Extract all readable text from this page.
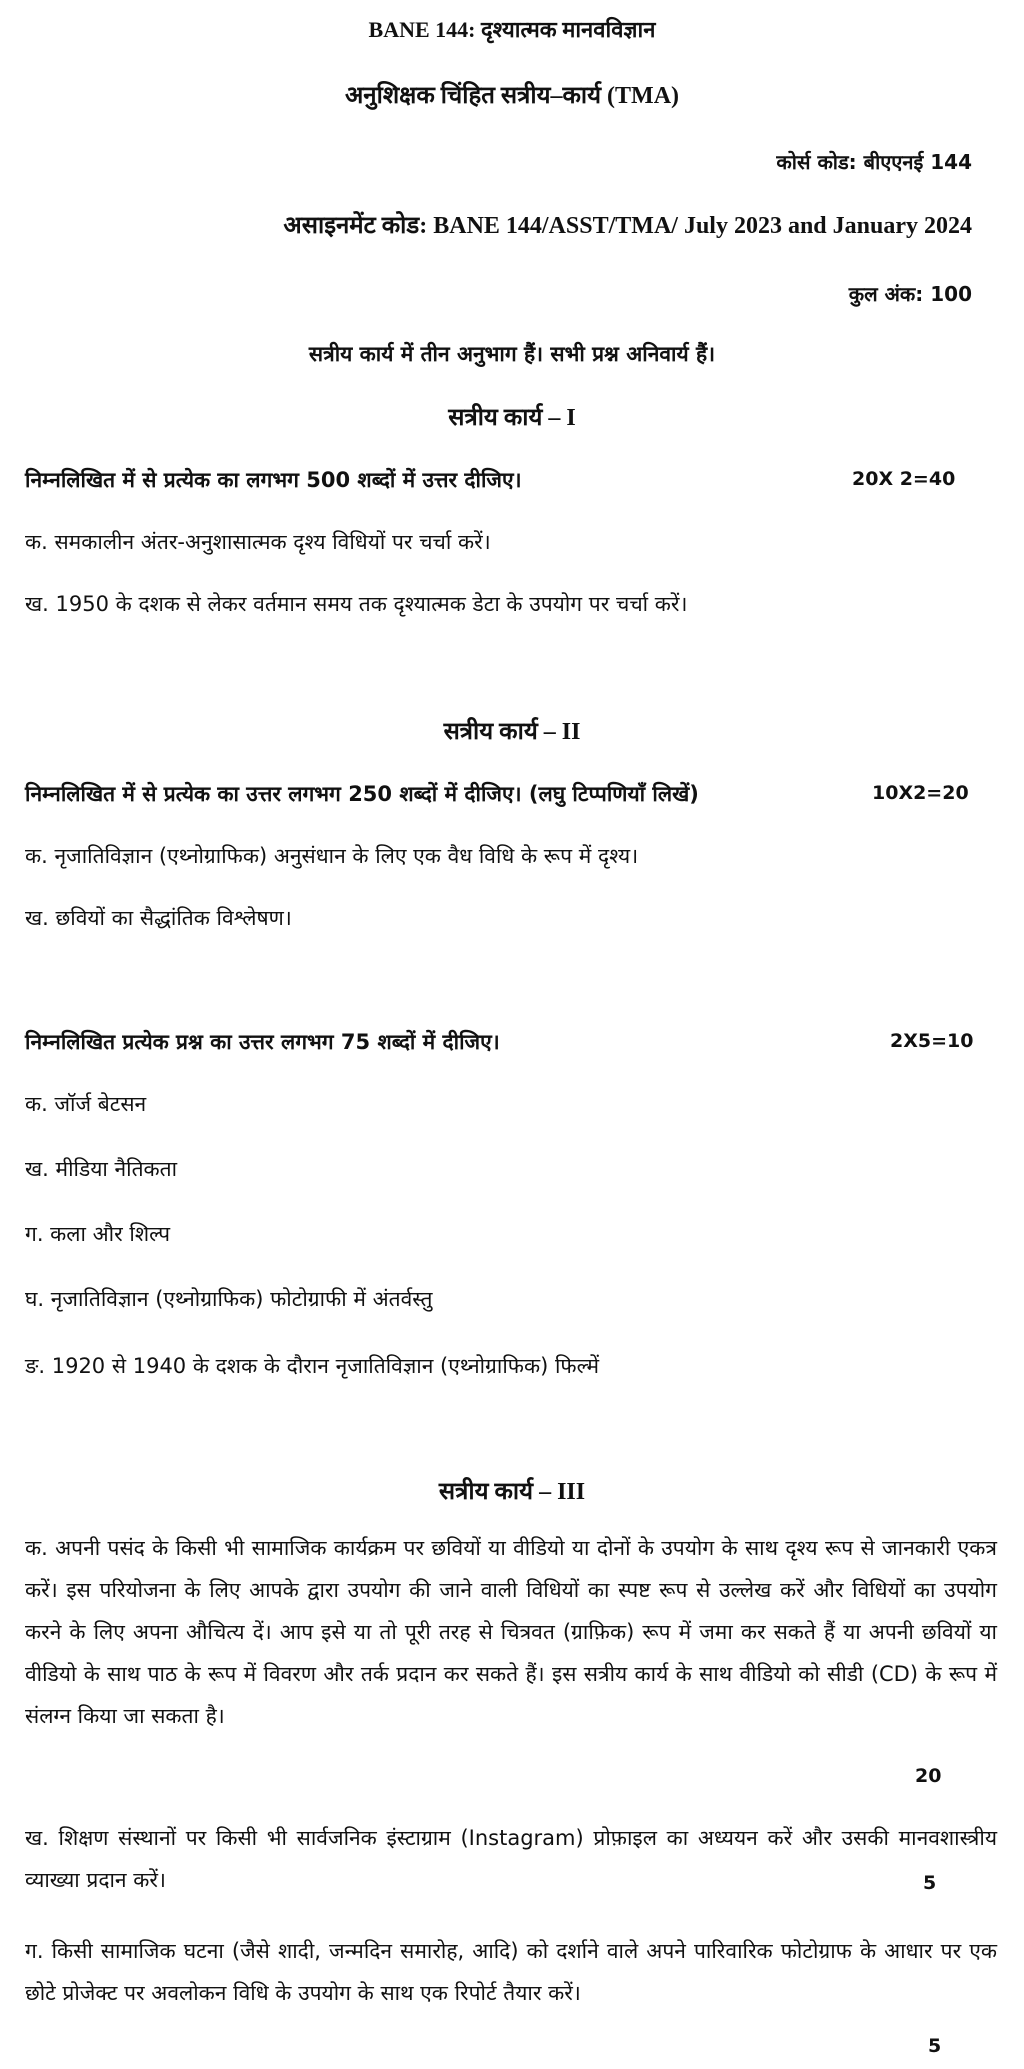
BANE 144: दृश्यात्मक मानवविज्ञान
अनुशिक्षक चिंहित सत्रीय–कार्य (TMA)
कोर्स कोड: बीएएनई 144
असाइनमेंट कोड: BANE 144/ASST/TMA/ July 2023 and January 2024
कुल अंक: 100
सत्रीय कार्य में तीन अनुभाग हैं। सभी प्रश्न अनिवार्य हैं।
सत्रीय कार्य – I
निम्नलिखित में से प्रत्येक का लगभग 500 शब्दों में उत्तर दीजिए।	20X 2=40
क. समकालीन अंतर-अनुशासात्मक दृश्य विधियों पर चर्चा करें।
ख. 1950 के दशक से लेकर वर्तमान समय तक दृश्यात्मक डेटा के उपयोग पर चर्चा करें।
सत्रीय कार्य – II
निम्नलिखित में से प्रत्येक का उत्तर लगभग 250 शब्दों में दीजिए। (लघु टिप्पणियाँ लिखें)	10X2=20
क. नृजातिविज्ञान (एथ्नोग्राफिक) अनुसंधान के लिए एक वैध विधि के रूप में दृश्य।
ख. छवियों का सैद्धांतिक विश्लेषण।
निम्नलिखित प्रत्येक प्रश्न का उत्तर लगभग 75 शब्दों में दीजिए।	2X5=10
क. जॉर्ज बेटसन
ख. मीडिया नैतिकता
ग. कला और शिल्प
घ. नृजातिविज्ञान (एथ्नोग्राफिक) फोटोग्राफी में अंतर्वस्तु
ङ. 1920 से 1940 के दशक के दौरान नृजातिविज्ञान (एथ्नोग्राफिक) फिल्में
सत्रीय कार्य – III
क. अपनी पसंद के किसी भी सामाजिक कार्यक्रम पर छवियों या वीडियो या दोनों के उपयोग के साथ दृश्य रूप से जानकारी एकत्र करें। इस परियोजना के लिए आपके द्वारा उपयोग की जाने वाली विधियों का स्पष्ट रूप से उल्लेख करें और विधियों का उपयोग करने के लिए अपना औचित्य दें। आप इसे या तो पूरी तरह से चित्रवत (ग्राफ़िक) रूप में जमा कर सकते हैं या अपनी छवियों या वीडियो के साथ पाठ के रूप में विवरण और तर्क प्रदान कर सकते हैं। इस सत्रीय कार्य के साथ वीडियो को सीडी (CD) के रूप में संलग्न किया जा सकता है।
20
ख. शिक्षण संस्थानों पर किसी भी सार्वजनिक इंस्टाग्राम (Instagram) प्रोफ़ाइल का अध्ययन करें और उसकी मानवशास्त्रीय व्याख्या प्रदान करें।	5
ग. किसी सामाजिक घटना (जैसे शादी, जन्मदिन समारोह, आदि) को दर्शाने वाले अपने पारिवारिक फोटोग्राफ के आधार पर एक छोटे प्रोजेक्ट पर अवलोकन विधि के उपयोग के साथ एक रिपोर्ट तैयार करें।
5
